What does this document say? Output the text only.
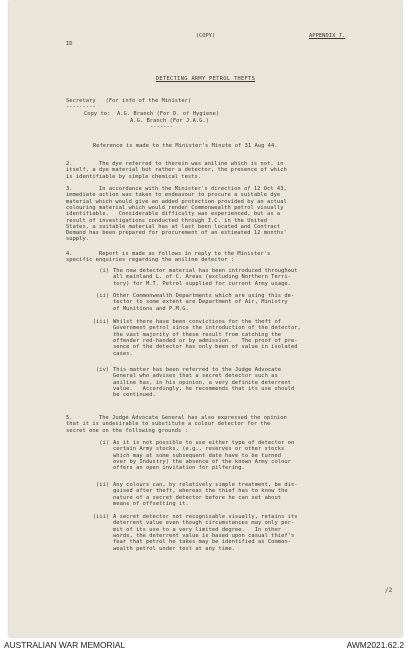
(COPY)	APPENDIX 7.
ID
DETECTING ARMY PETROL THEFTS
Secretary   (For info of the Minister)
---------
Copy to:  A.G. Branch (For D. of Hygiene)
A.G. Branch (For J.A.G.)
-------
Reference is made to the Minister's Minute of 31 Aug 44.
2.        The dye referred to therein was aniline which is not, in
itself, a dye material but rather a detector, the presence of which
is identifiable by simple chemical tests.
3.        In accordance with the Minister's direction of 12 Oct 43,
immediate action was taken to endeavour to procure a suitable dye
material which would give an added protection provided by an actual
colouring material which would render Commonwealth petrol visually
identifiable.   Considerable difficulty was experienced, but as a
result of investigations conducted through I.C. in the United
States, a suitable material has at last been located and Contract
Demand has been prepared for procurement of an estimated 12 months'
supply.
4.        Report is made as follows in reply to the Minister's
specific enquiries regarding the aniline detector :
(i) The new detector material has been introduced throughout
all mainland L. of C. Areas (excluding Northern Terri-
tory) for M.T. Petrol supplied for current Army usage.
(ii) Other Commonwealth Departments which are using this de-
tector to some extent are Department of Air, Ministry
of Munitions and P.M.G.
(iii) Whilst there have been convictions for the theft of
Government petrol since the introduction of the detector,
the vast majority of these result from catching the
offender red-handed or by admission.   The proof of pre-
sence of the detector has only been of value in isolated
cases.
(iv) This matter has been referred to the Judge Advocate
General who advises that a secret detector such as
aniline has, in his opinion, a very definite deterrent
value.   Accordingly, he recommends that its use should
be continued.
5.        The Judge Advocate General has also expressed the opinion
that it is undesirable to substitute a colour detector for the
secret one on the following grounds :
(i) As it is not possible to use either type of detector on
certain Army stocks, (e.g., reserves or other stocks
which may at some subsequent date have to be turned
over by Industry) the absence of the known Army colour
offers an open invitation for pilfering.
(ii) Any colours can, by relatively simple treatment, be dis-
guised after theft, whereas the thief has to know the
nature of a secret detector before he can set about
means of offsetting it.
(iii) A secret detector not recognisable visually, retains its
deterrent value even though circumstances may only per-
mit of its use to a very limited degree.   In other
words, the deterrent value is based upon casual thief's
fear that petrol he takes may be identified as Common-
wealth petrol under test at any time.
/2
AUSTRALIAN WAR MEMORIAL	AWM2021.62.2
